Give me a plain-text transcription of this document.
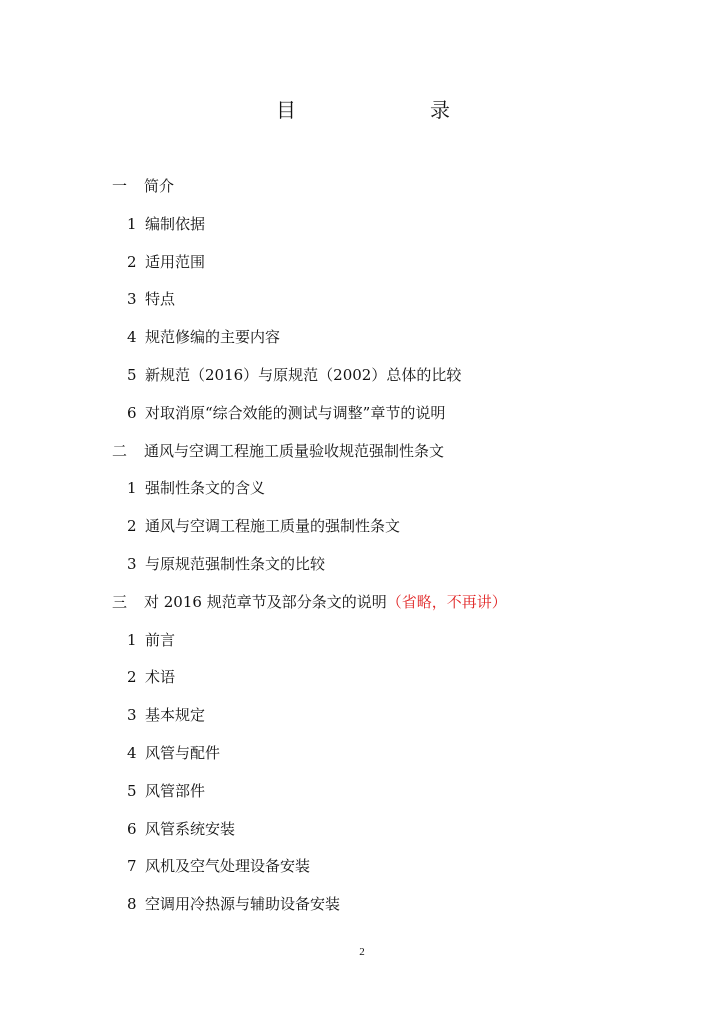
目	录
一 简介
1 编制依据
2 适用范围
3 特点
4 规范修编的主要内容
5 新规范（2016）与原规范（2002）总体的比较
6 对取消原“综合效能的测试与调整”章节的说明
二 通风与空调工程施工质量验收规范强制性条文
1 强制性条文的含义
2 通风与空调工程施工质量的强制性条文
3 与原规范强制性条文的比较
三 对 2016 规范章节及部分条文的说明（省略，不再讲）
1 前言
2 术语
3 基本规定
4 风管与配件
5 风管部件
6 风管系统安装
7 风机及空气处理设备安装
8 空调用冷热源与辅助设备安装
2
